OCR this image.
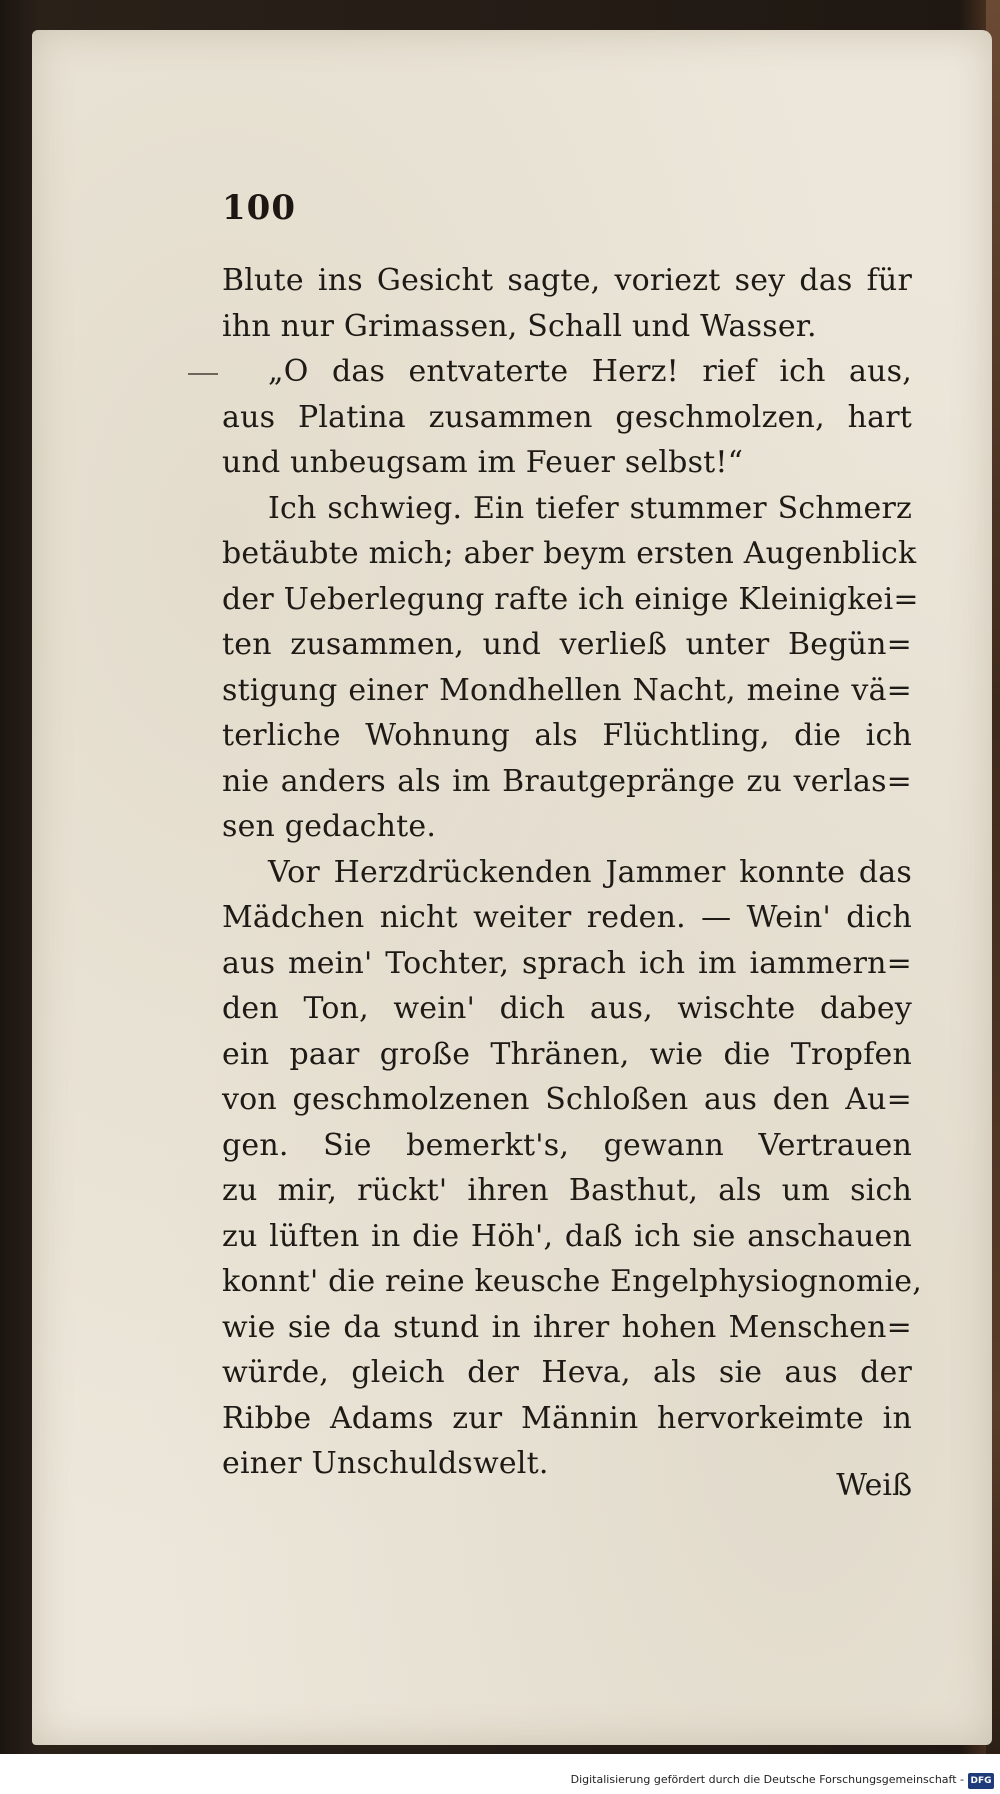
100
Blute ins Gesicht sagte, voriezt sey das für
ihn nur Grimassen, Schall und Wasser.
„O das entvaterte Herz! rief ich aus,
aus Platina zusammen geschmolzen, hart
und unbeugsam im Feuer selbst!“
Ich schwieg. Ein tiefer stummer Schmerz
betäubte mich; aber beym ersten Augenblick
der Ueberlegung rafte ich einige Kleinigkei=
ten zusammen, und verließ unter Begün=
stigung einer Mondhellen Nacht, meine vä=
terliche Wohnung als Flüchtling, die ich
nie anders als im Brautgepränge zu verlas=
sen gedachte.
Vor Herzdrückenden Jammer konnte das
Mädchen nicht weiter reden. — Wein' dich
aus mein' Tochter, sprach ich im iammern=
den Ton, wein' dich aus, wischte dabey
ein paar große Thränen, wie die Tropfen
von geschmolzenen Schloßen aus den Au=
gen. Sie bemerkt's, gewann Vertrauen
zu mir, rückt' ihren Basthut, als um sich
zu lüften in die Höh', daß ich sie anschauen
konnt' die reine keusche Engelphysiognomie,
wie sie da stund in ihrer hohen Menschen=
würde, gleich der Heva, als sie aus der
Ribbe Adams zur Männin hervorkeimte in
einer Unschuldswelt.
Weiß
Digitalisierung gefördert durch die Deutsche Forschungsgemeinschaft - DFG
